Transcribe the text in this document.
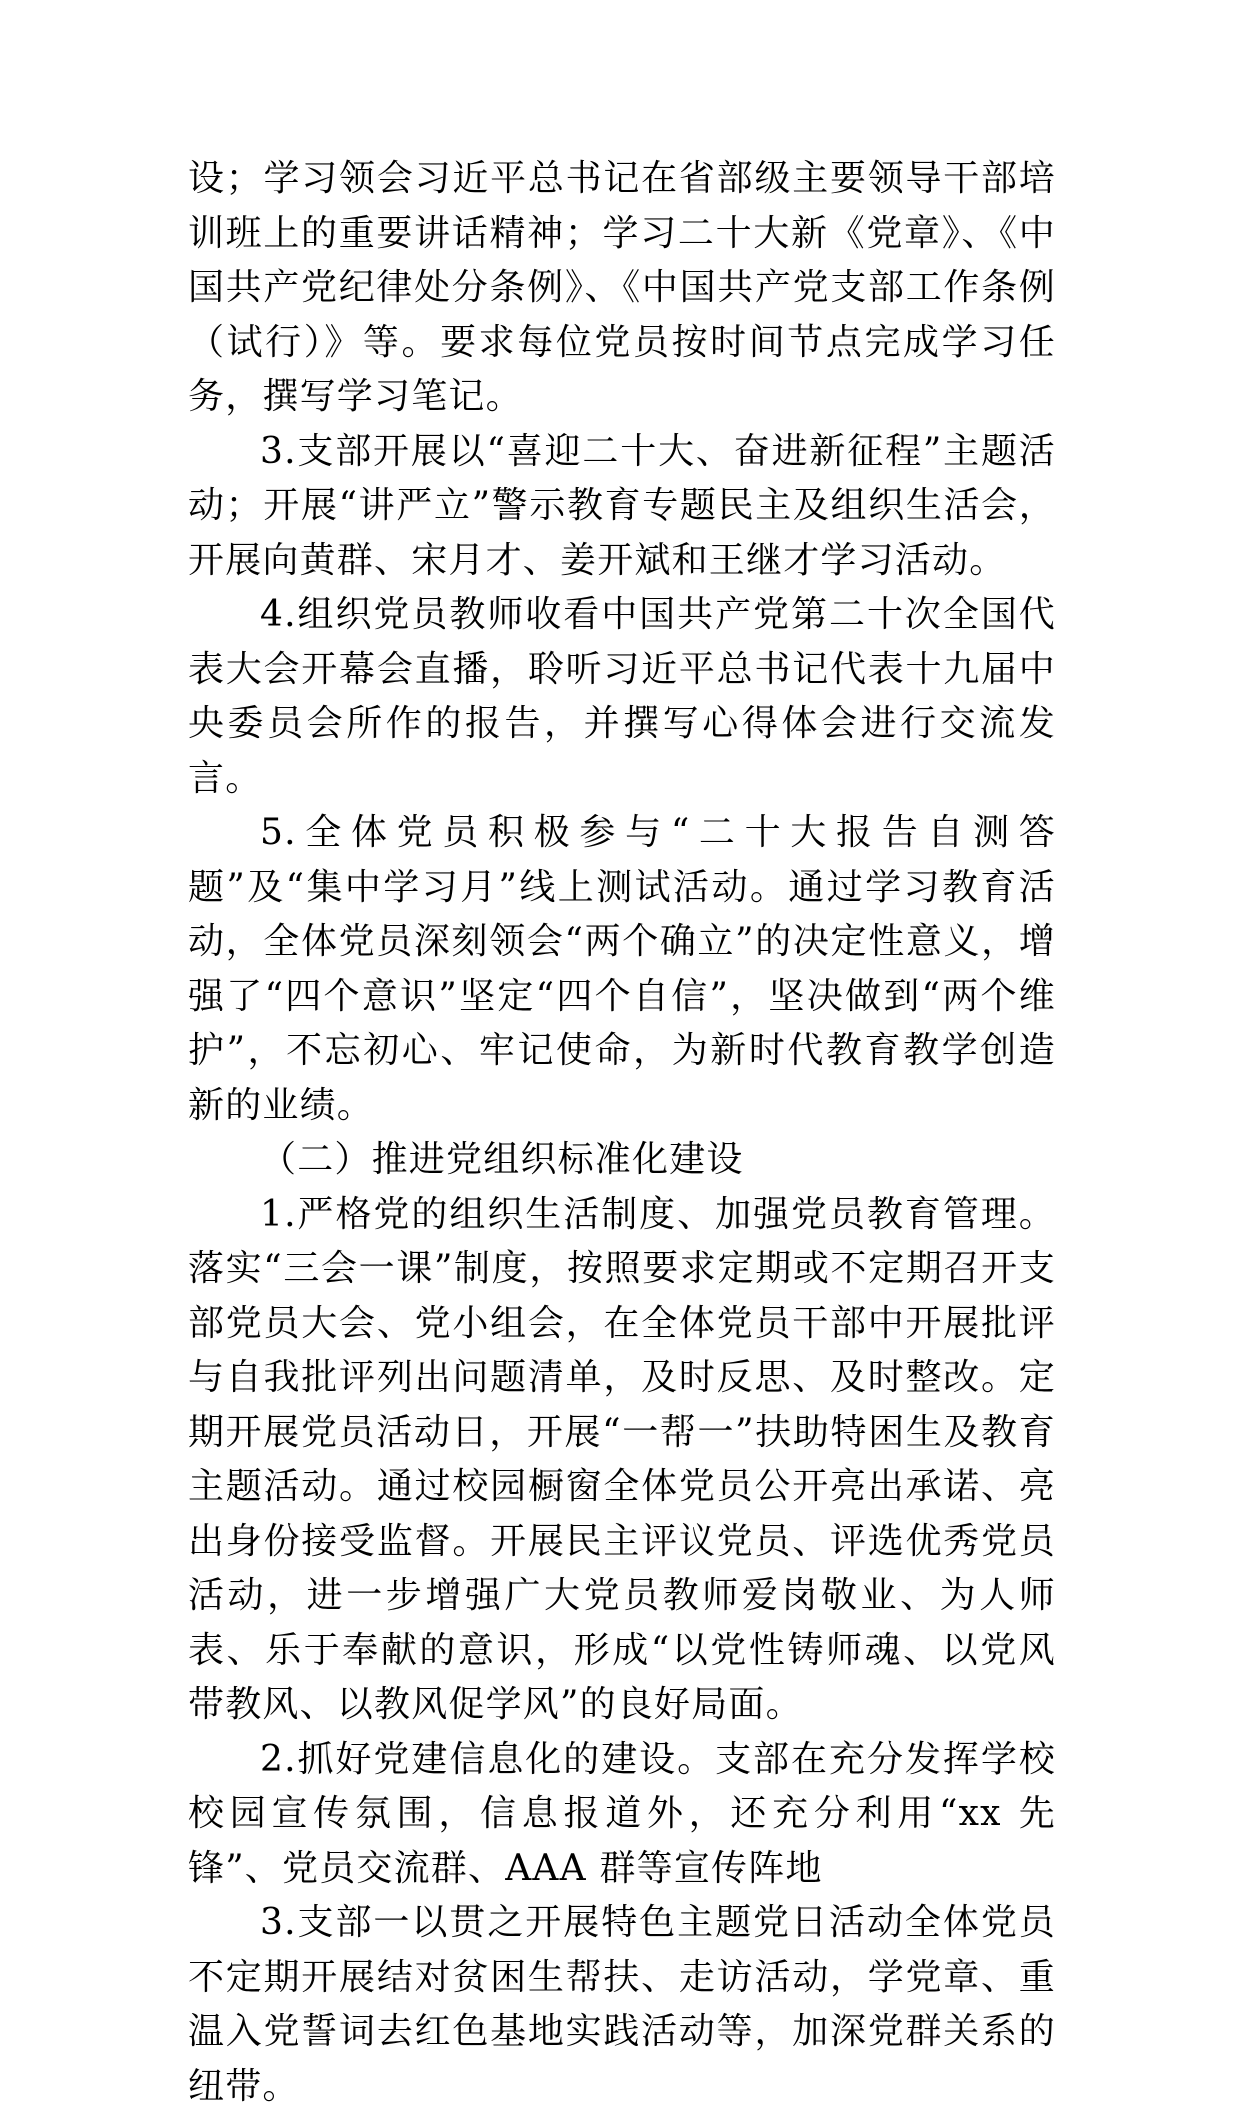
设；学习领会习近平总书记在省部级主要领导干部培训班上的重要讲话精神；学习二十大新《党章》、《中国共产党纪律处分条例》、《中国共产党支部工作条例（试行）》等。要求每位党员按时间节点完成学习任务，撰写学习笔记。

3.支部开展以“喜迎二十大、奋进新征程”主题活动；开展“讲严立”警示教育专题民主及组织生活会，开展向黄群、宋月才、姜开斌和王继才学习活动。

4.组织党员教师收看中国共产党第二十次全国代表大会开幕会直播，聆听习近平总书记代表十九届中央委员会所作的报告，并撰写心得体会进行交流发言。

5.全体党员积极参与“二十大报告自测答题”及“集中学习月”线上测试活动。通过学习教育活动，全体党员深刻领会“两个确立”的决定性意义，增强了“四个意识”坚定“四个自信”，坚决做到“两个维护”，不忘初心、牢记使命，为新时代教育教学创造新的业绩。

（二）推进党组织标准化建设

1.严格党的组织生活制度、加强党员教育管理。落实“三会一课”制度，按照要求定期或不定期召开支部党员大会、党小组会，在全体党员干部中开展批评与自我批评列出问题清单，及时反思、及时整改。定期开展党员活动日，开展“一帮一”扶助特困生及教育主题活动。通过校园橱窗全体党员公开亮出承诺、亮出身份接受监督。开展民主评议党员、评选优秀党员活动，进一步增强广大党员教师爱岗敬业、为人师表、乐于奉献的意识，形成“以党性铸师魂、以党风带教风、以教风促学风”的良好局面。

2.抓好党建信息化的建设。支部在充分发挥学校校园宣传氛围，信息报道外，还充分利用“xx 先锋”、党员交流群、AAA 群等宣传阵地

3.支部一以贯之开展特色主题党日活动全体党员不定期开展结对贫困生帮扶、走访活动，学党章、重温入党誓词去红色基地实践活动等，加深党群关系的纽带。
